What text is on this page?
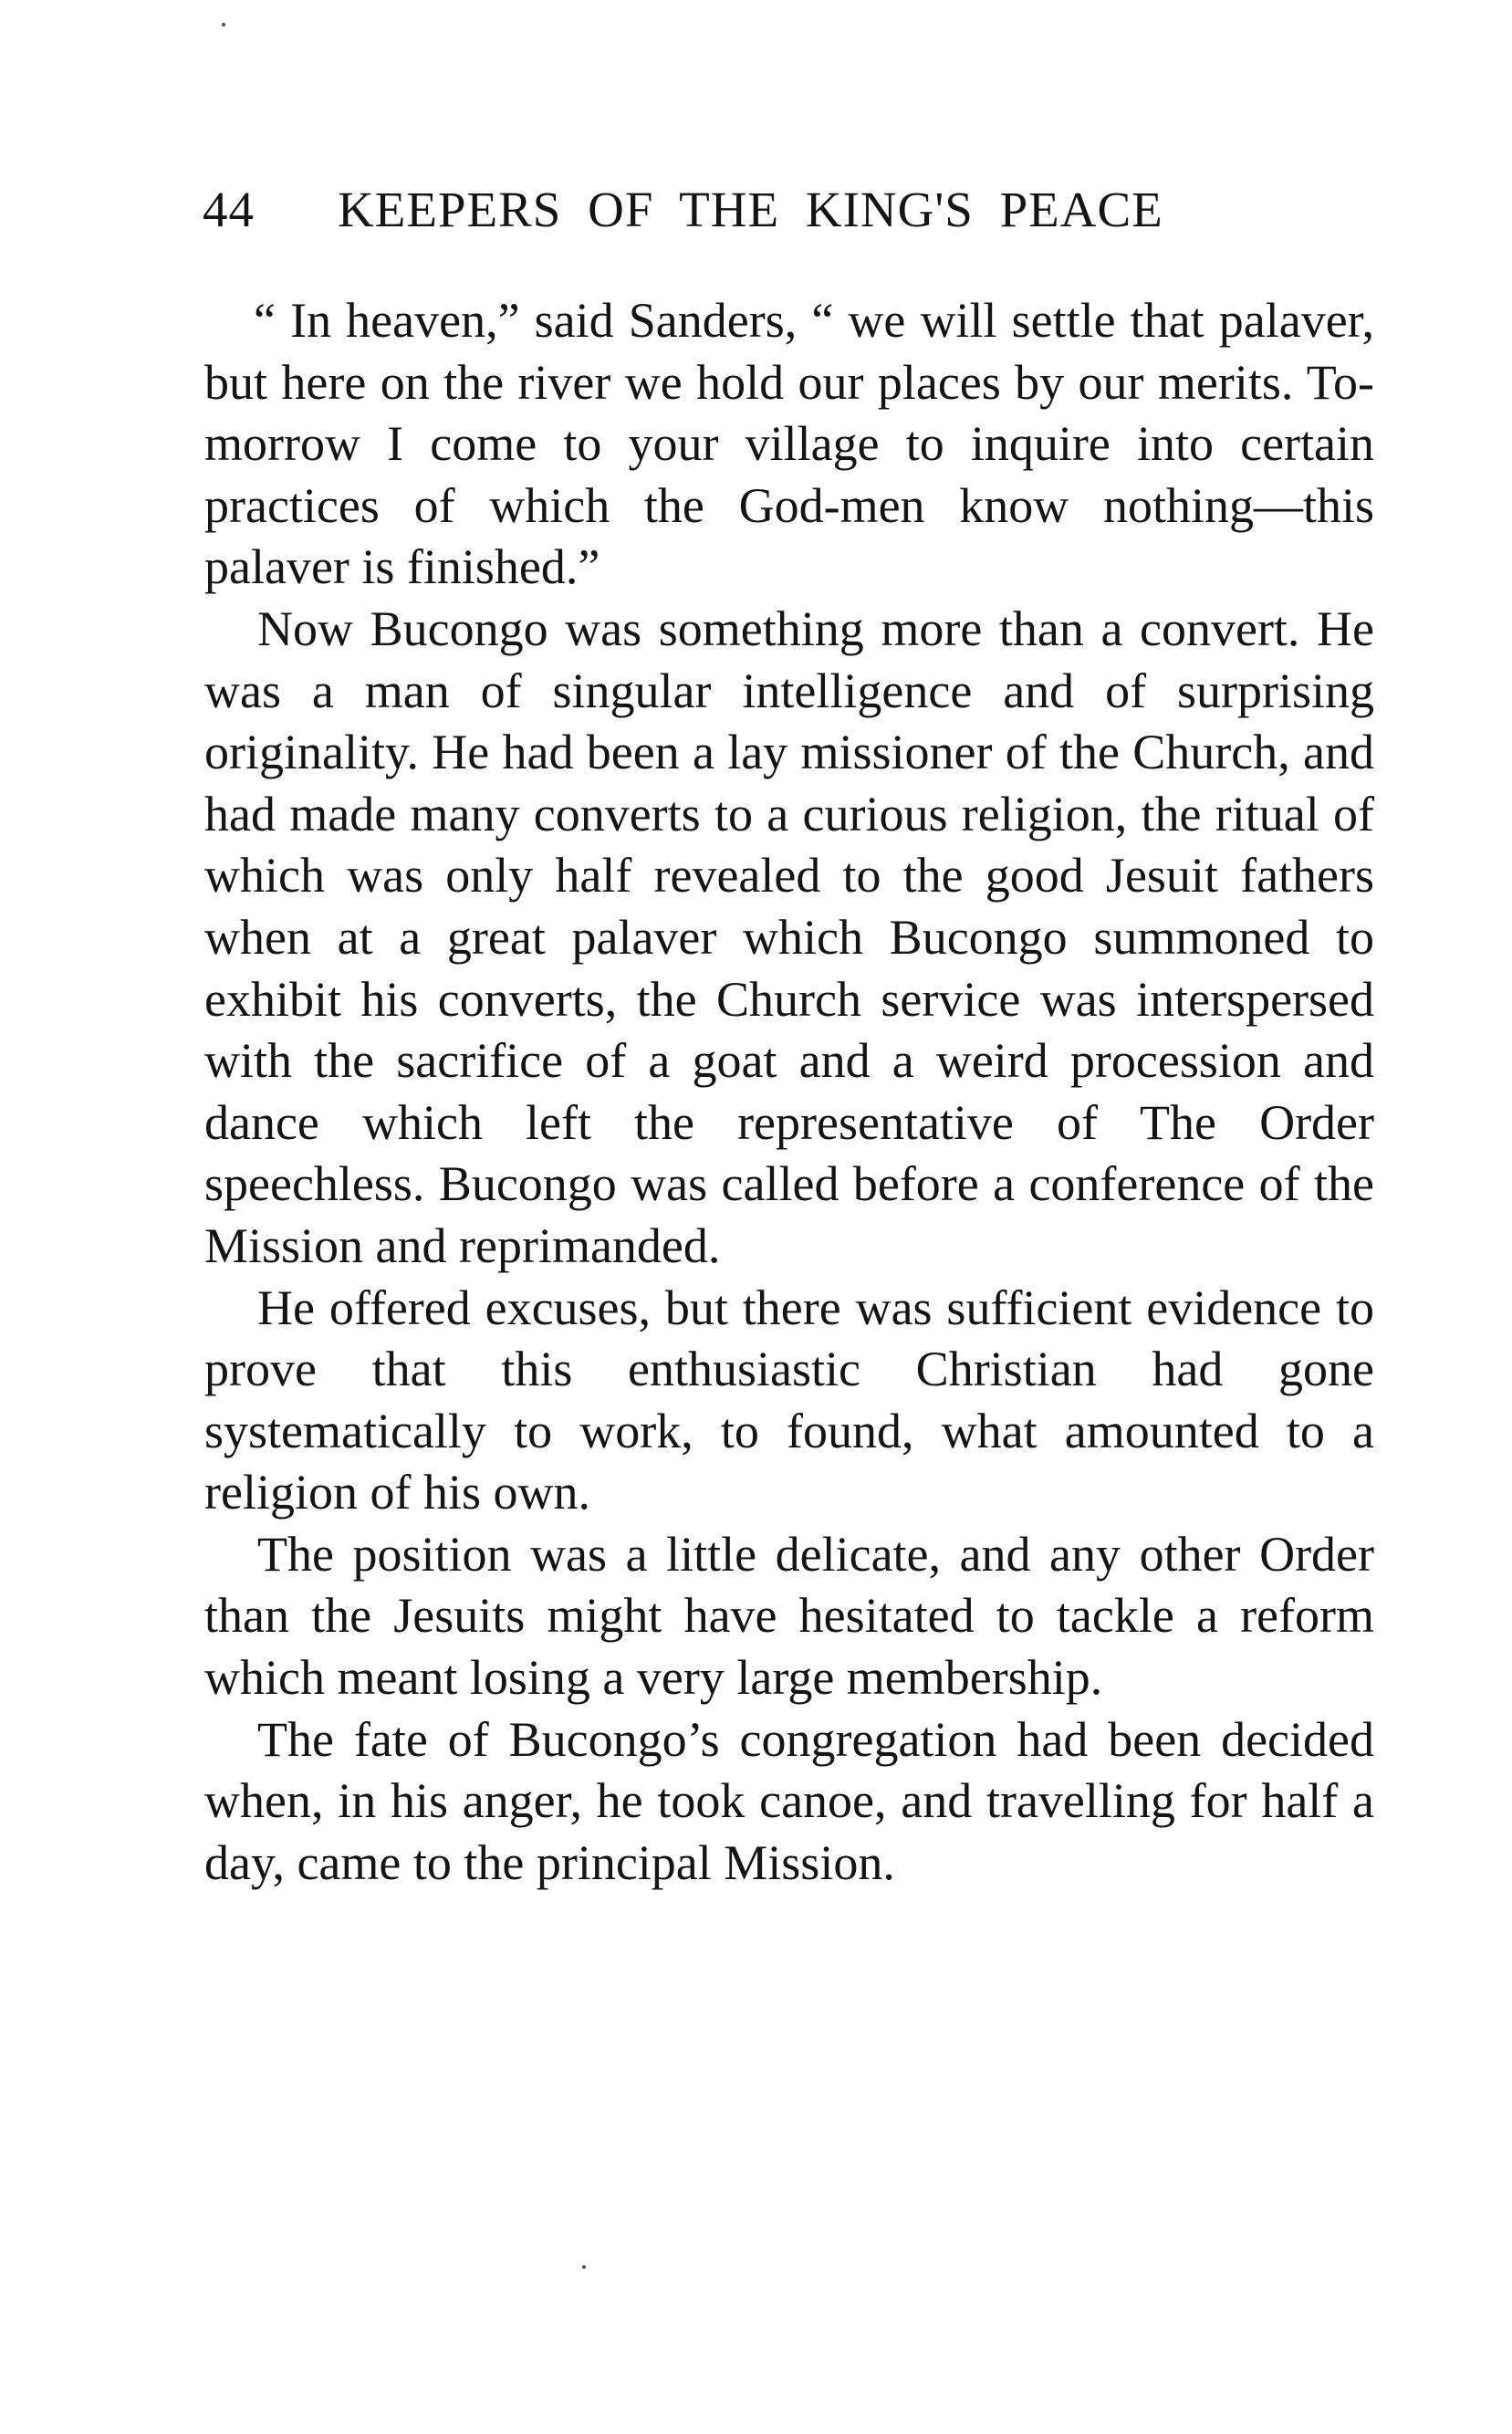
44 KEEPERS OF THE KING'S PEACE

“ In heaven,” said Sanders, “ we will settle that palaver, but here on the river we hold our places by our merits. To-morrow I come to your village to inquire into certain practices of which the God-men know nothing—this palaver is finished.”

Now Bucongo was something more than a convert. He was a man of singular intelligence and of surprising originality. He had been a lay missioner of the Church, and had made many converts to a curious religion, the ritual of which was only half revealed to the good Jesuit fathers when at a great palaver which Bucongo summoned to exhibit his converts, the Church service was interspersed with the sacrifice of a goat and a weird procession and dance which left the representative of The Order speechless. Bucongo was called before a conference of the Mission and reprimanded.

He offered excuses, but there was sufficient evidence to prove that this enthusiastic Christian had gone systematically to work, to found, what amounted to a religion of his own.

The position was a little delicate, and any other Order than the Jesuits might have hesitated to tackle a reform which meant losing a very large membership.

The fate of Bucongo’s congregation had been decided when, in his anger, he took canoe, and travelling for half a day, came to the principal Mission.
